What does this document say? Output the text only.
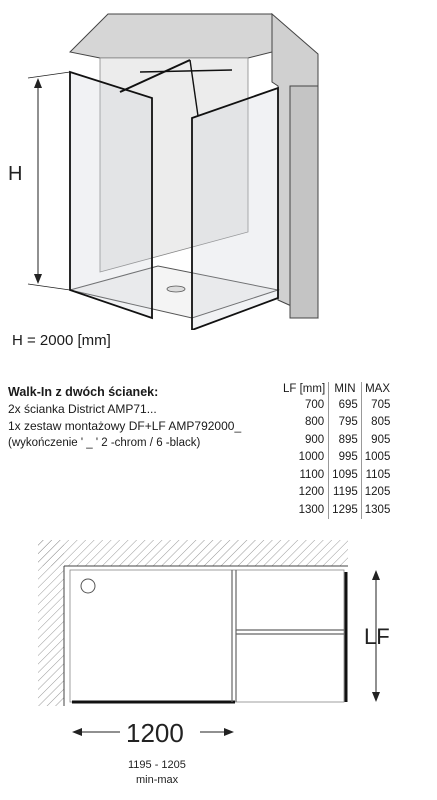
H
H = 2000 [mm]
Walk-In z dwóch ścianek:
2x ścianka District AMP71...
1x zestaw montażowy DF+LF AMP792000_
(wykończenie ' _ ' 2 -chrom / 6 -black)
LF [mm]	MIN	MAX
700	695	705
800	795	805
900	895	905
1000	995	1005
1100	1095	1105
1200	1195	1205
1300	1295	1305
LF
1200
1195 - 1205
min-max
